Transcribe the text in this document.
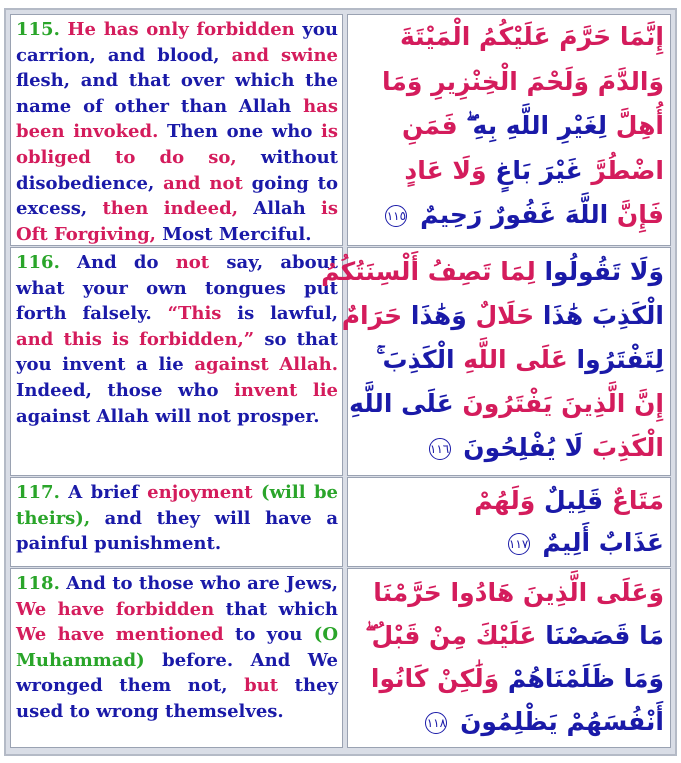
115. He has only forbidden you carrion, and blood, and swine flesh, and that over which the name of other than Allah has been invoked. Then one who is obliged to do so, without disobedience, and not going to excess, then indeed, Allah is Oft Forgiving, Most Merciful.

إِنَّمَا حَرَّمَ عَلَيْكُمُ الْمَيْتَةَ
وَالدَّمَ وَلَحْمَ الْخِنْزِيرِ وَمَا
أُهِلَّ لِغَيْرِ اللَّهِ بِهِ ۖ فَمَنِ
اضْطُرَّ غَيْرَ بَاغٍ وَلَا عَادٍ
فَإِنَّ اللَّهَ غَفُورٌ رَحِيمٌ ١١٥

116. And do not say, about what your own tongues put forth falsely. “This is lawful, and this is forbidden,” so that you invent a lie against Allah. Indeed, those who invent lie against Allah will not prosper.

وَلَا تَقُولُوا لِمَا تَصِفُ أَلْسِنَتُكُمُ
الْكَذِبَ هَٰذَا حَلَالٌ وَهَٰذَا حَرَامٌ
لِتَفْتَرُوا عَلَى اللَّهِ الْكَذِبَ ۚ
إِنَّ الَّذِينَ يَفْتَرُونَ عَلَى اللَّهِ
الْكَذِبَ لَا يُفْلِحُونَ ١١٦

117. A brief enjoyment (will be theirs), and they will have a painful punishment.

مَتَاعٌ قَلِيلٌ وَلَهُمْ
عَذَابٌ أَلِيمٌ ١١٧

118. And to those who are Jews, We have forbidden that which We have mentioned to you (O Muhammad) before. And We wronged them not, but they used to wrong themselves.

وَعَلَى الَّذِينَ هَادُوا حَرَّمْنَا
مَا قَصَصْنَا عَلَيْكَ مِنْ قَبْلُ ۖ
وَمَا ظَلَمْنَاهُمْ وَلَٰكِنْ كَانُوا
أَنْفُسَهُمْ يَظْلِمُونَ ١١٨
